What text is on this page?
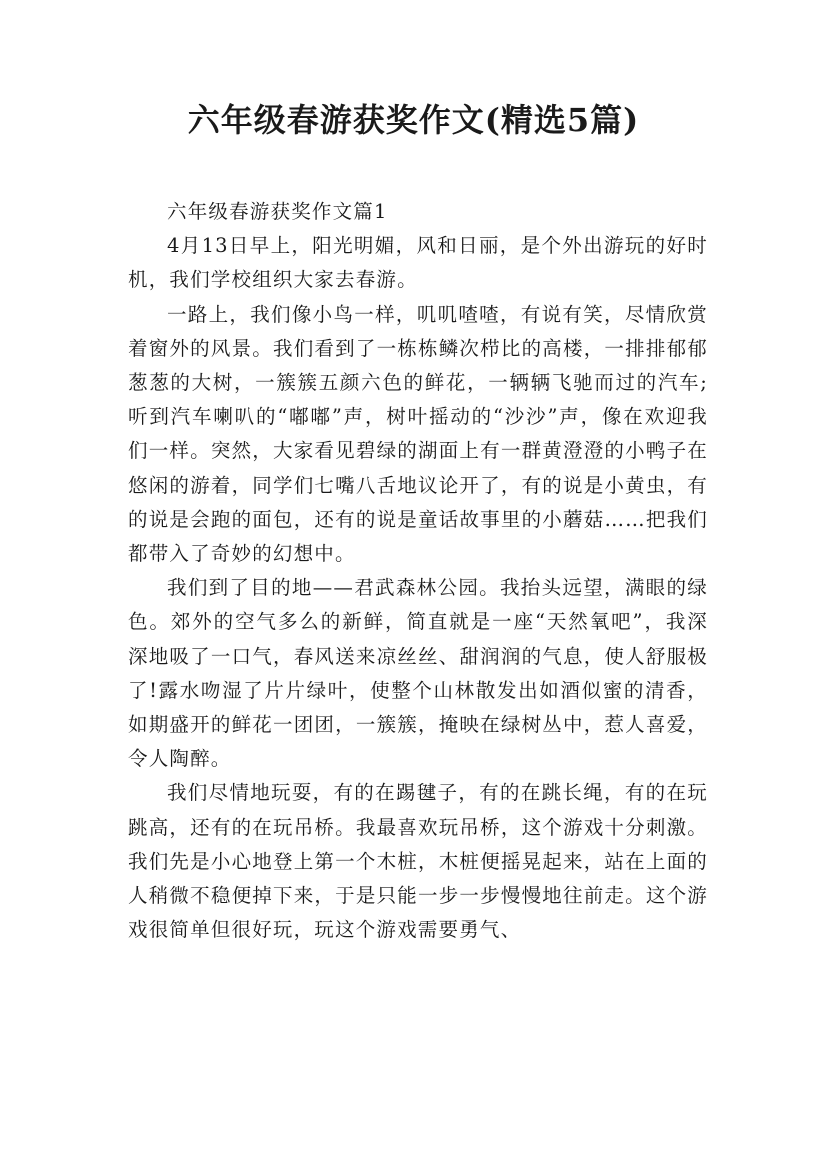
六年级春游获奖作文(精选5篇)

六年级春游获奖作文篇1

4月13日早上，阳光明媚，风和日丽，是个外出游玩的好时机，我们学校组织大家去春游。

一路上，我们像小鸟一样，叽叽喳喳，有说有笑，尽情欣赏着窗外的风景。我们看到了一栋栋鳞次栉比的高楼，一排排郁郁葱葱的大树，一簇簇五颜六色的鲜花，一辆辆飞驰而过的汽车;听到汽车喇叭的“嘟嘟”声，树叶摇动的“沙沙”声，像在欢迎我们一样。突然，大家看见碧绿的湖面上有一群黄澄澄的小鸭子在悠闲的游着，同学们七嘴八舌地议论开了，有的说是小黄虫，有的说是会跑的面包，还有的说是童话故事里的小蘑菇……把我们都带入了奇妙的幻想中。

我们到了目的地——君武森林公园。我抬头远望，满眼的绿色。郊外的空气多么的新鲜，简直就是一座“天然氧吧”，我深深地吸了一口气，春风送来凉丝丝、甜润润的气息，使人舒服极了!露水吻湿了片片绿叶，使整个山林散发出如酒似蜜的清香，如期盛开的鲜花一团团，一簇簇，掩映在绿树丛中，惹人喜爱，令人陶醉。

我们尽情地玩耍，有的在踢毽子，有的在跳长绳，有的在玩跳高，还有的在玩吊桥。我最喜欢玩吊桥，这个游戏十分刺激。我们先是小心地登上第一个木桩，木桩便摇晃起来，站在上面的人稍微不稳便掉下来，于是只能一步一步慢慢地往前走。这个游戏很简单但很好玩，玩这个游戏需要勇气、
